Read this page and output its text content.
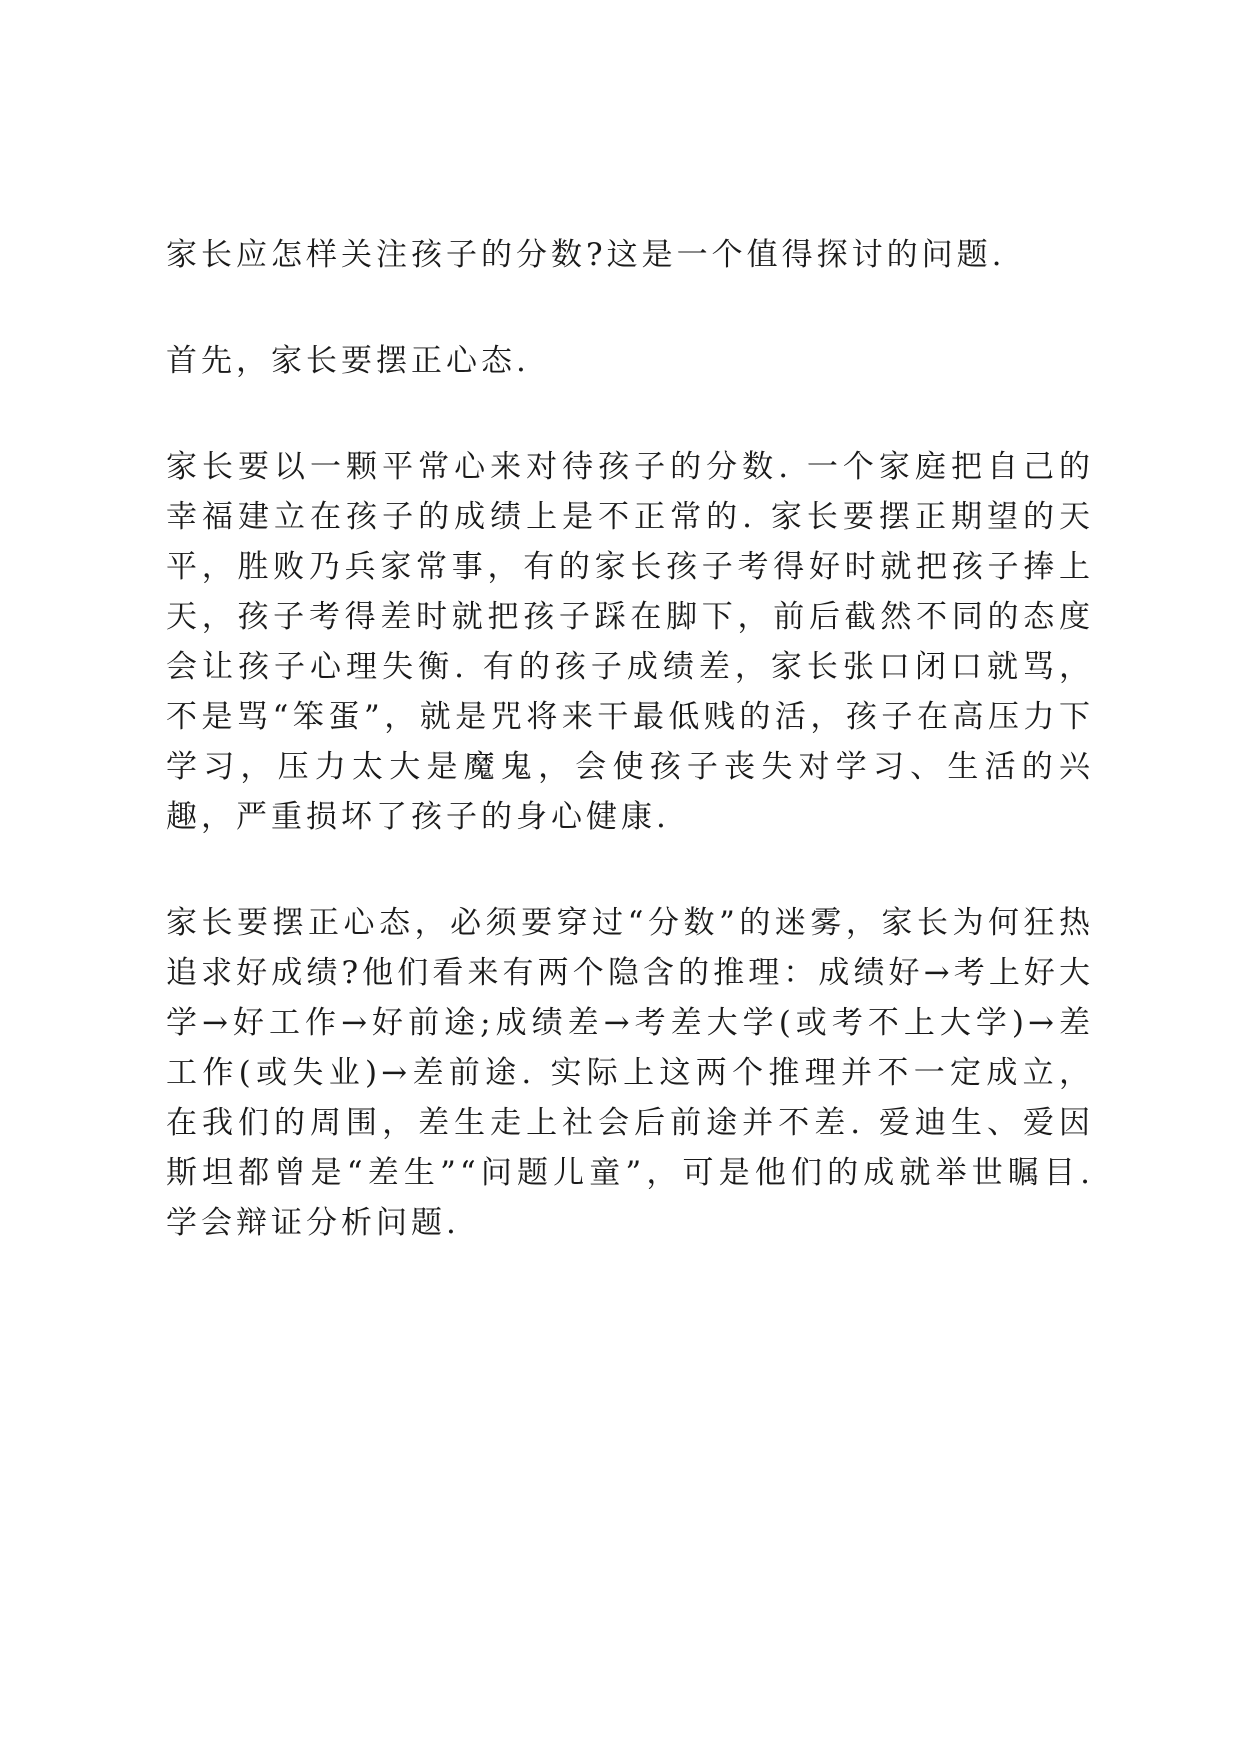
家长应怎样关注孩子的分数?这是一个值得探讨的问题.

首先，家长要摆正心态.

家长要以一颗平常心来对待孩子的分数. 一个家庭把自己的幸福建立在孩子的成绩上是不正常的. 家长要摆正期望的天平，胜败乃兵家常事，有的家长孩子考得好时就把孩子捧上天，孩子考得差时就把孩子踩在脚下，前后截然不同的态度会让孩子心理失衡. 有的孩子成绩差，家长张口闭口就骂，不是骂“笨蛋”，就是咒将来干最低贱的活，孩子在高压力下学习，压力太大是魔鬼，会使孩子丧失对学习、生活的兴趣，严重损坏了孩子的身心健康.

家长要摆正心态，必须要穿过“分数”的迷雾，家长为何狂热追求好成绩?他们看来有两个隐含的推理：成绩好→考上好大学→好工作→好前途;成绩差→考差大学(或考不上大学)→差工作(或失业)→差前途. 实际上这两个推理并不一定成立，在我们的周围，差生走上社会后前途并不差. 爱迪生、爱因斯坦都曾是“差生”“问题儿童”，可是他们的成就举世瞩目. 学会辩证分析问题.
